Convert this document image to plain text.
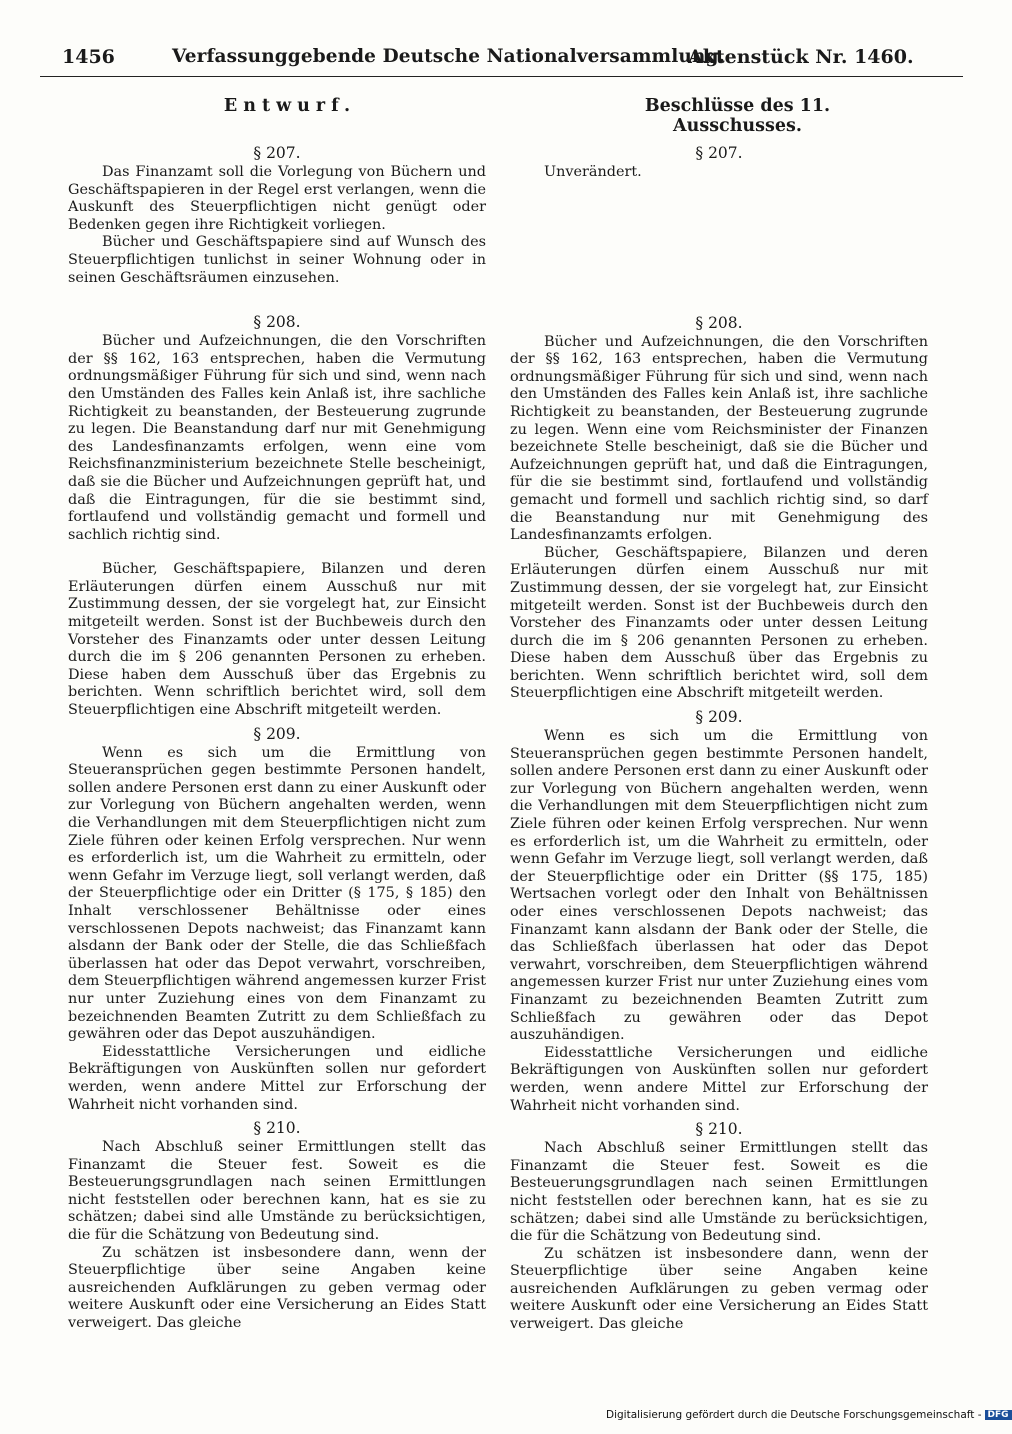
1456	Verfassunggebende Deutsche Nationalversammlung.
Aktenstück Nr. 1460.
Entwurf.	Beschlüsse des 11. Ausschusses.
§ 207.

Das Finanzamt soll die Vorlegung von Büchern und Geschäftspapieren in der Regel erst verlangen, wenn die Auskunft des Steuerpflichtigen nicht genügt oder Bedenken gegen ihre Richtigkeit vorliegen.

Bücher und Geschäftspapiere sind auf Wunsch des Steuerpflichtigen tunlichst in seiner Wohnung oder in seinen Geschäftsräumen einzusehen.

§ 208.

Bücher und Aufzeichnungen, die den Vorschriften der §§ 162, 163 entsprechen, haben die Vermutung ordnungsmäßiger Führung für sich und sind, wenn nach den Umständen des Falles kein Anlaß ist, ihre sachliche Richtigkeit zu beanstanden, der Besteuerung zugrunde zu legen. Die Beanstandung darf nur mit Genehmigung des Landesfinanzamts erfolgen, wenn eine vom Reichsfinanzministerium bezeichnete Stelle bescheinigt, daß sie die Bücher und Aufzeichnungen geprüft hat, und daß die Eintragungen, für die sie bestimmt sind, fortlaufend und vollständig gemacht und formell und sachlich richtig sind.

Bücher, Geschäftspapiere, Bilanzen und deren Erläuterungen dürfen einem Ausschuß nur mit Zustimmung dessen, der sie vorgelegt hat, zur Einsicht mitgeteilt werden. Sonst ist der Buchbeweis durch den Vorsteher des Finanzamts oder unter dessen Leitung durch die im § 206 genannten Personen zu erheben. Diese haben dem Ausschuß über das Ergebnis zu berichten. Wenn schriftlich berichtet wird, soll dem Steuerpflichtigen eine Abschrift mitgeteilt werden.

§ 209.

Wenn es sich um die Ermittlung von Steueransprüchen gegen bestimmte Personen handelt, sollen andere Personen erst dann zu einer Auskunft oder zur Vorlegung von Büchern angehalten werden, wenn die Verhandlungen mit dem Steuerpflichtigen nicht zum Ziele führen oder keinen Erfolg versprechen. Nur wenn es erforderlich ist, um die Wahrheit zu ermitteln, oder wenn Gefahr im Verzuge liegt, soll verlangt werden, daß der Steuerpflichtige oder ein Dritter (§ 175, § 185) den Inhalt verschlossener Behältnisse oder eines verschlossenen Depots nachweist; das Finanzamt kann alsdann der Bank oder der Stelle, die das Schließfach überlassen hat oder das Depot verwahrt, vorschreiben, dem Steuerpflichtigen während angemessen kurzer Frist nur unter Zuziehung eines von dem Finanzamt zu bezeichnenden Beamten Zutritt zu dem Schließfach zu gewähren oder das Depot auszuhändigen.

Eidesstattliche Versicherungen und eidliche Bekräftigungen von Auskünften sollen nur gefordert werden, wenn andere Mittel zur Erforschung der Wahrheit nicht vorhanden sind.

§ 210.

Nach Abschluß seiner Ermittlungen stellt das Finanzamt die Steuer fest. Soweit es die Besteuerungsgrundlagen nach seinen Ermittlungen nicht feststellen oder berechnen kann, hat es sie zu schätzen; dabei sind alle Umstände zu berücksichtigen, die für die Schätzung von Bedeutung sind.

Zu schätzen ist insbesondere dann, wenn der Steuerpflichtige über seine Angaben keine ausreichenden Aufklärungen zu geben vermag oder weitere Auskunft oder eine Versicherung an Eides Statt verweigert. Das gleiche

§ 207.

Unverändert.

§ 208.

Bücher und Aufzeichnungen, die den Vorschriften der §§ 162, 163 entsprechen, haben die Vermutung ordnungsmäßiger Führung für sich und sind, wenn nach den Umständen des Falles kein Anlaß ist, ihre sachliche Richtigkeit zu beanstanden, der Besteuerung zugrunde zu legen. Wenn eine vom Reichsminister der Finanzen bezeichnete Stelle bescheinigt, daß sie die Bücher und Aufzeichnungen geprüft hat, und daß die Eintragungen, für die sie bestimmt sind, fortlaufend und vollständig gemacht und formell und sachlich richtig sind, so darf die Beanstandung nur mit Genehmigung des Landesfinanzamts erfolgen.

Bücher, Geschäftspapiere, Bilanzen und deren Erläuterungen dürfen einem Ausschuß nur mit Zustimmung dessen, der sie vorgelegt hat, zur Einsicht mitgeteilt werden. Sonst ist der Buchbeweis durch den Vorsteher des Finanzamts oder unter dessen Leitung durch die im § 206 genannten Personen zu erheben. Diese haben dem Ausschuß über das Ergebnis zu berichten. Wenn schriftlich berichtet wird, soll dem Steuerpflichtigen eine Abschrift mitgeteilt werden.

§ 209.

Wenn es sich um die Ermittlung von Steueransprüchen gegen bestimmte Personen handelt, sollen andere Personen erst dann zu einer Auskunft oder zur Vorlegung von Büchern angehalten werden, wenn die Verhandlungen mit dem Steuerpflichtigen nicht zum Ziele führen oder keinen Erfolg versprechen. Nur wenn es erforderlich ist, um die Wahrheit zu ermitteln, oder wenn Gefahr im Verzuge liegt, soll verlangt werden, daß der Steuerpflichtige oder ein Dritter (§§ 175, 185) Wertsachen vorlegt oder den Inhalt von Behältnissen oder eines verschlossenen Depots nachweist; das Finanzamt kann alsdann der Bank oder der Stelle, die das Schließfach überlassen hat oder das Depot verwahrt, vorschreiben, dem Steuerpflichtigen während angemessen kurzer Frist nur unter Zuziehung eines vom Finanzamt zu bezeichnenden Beamten Zutritt zum Schließfach zu gewähren oder das Depot auszuhändigen.

Eidesstattliche Versicherungen und eidliche Bekräftigungen von Auskünften sollen nur gefordert werden, wenn andere Mittel zur Erforschung der Wahrheit nicht vorhanden sind.

§ 210.

Nach Abschluß seiner Ermittlungen stellt das Finanzamt die Steuer fest. Soweit es die Besteuerungsgrundlagen nach seinen Ermittlungen nicht feststellen oder berechnen kann, hat es sie zu schätzen; dabei sind alle Umstände zu berücksichtigen, die für die Schätzung von Bedeutung sind.

Zu schätzen ist insbesondere dann, wenn der Steuerpflichtige über seine Angaben keine ausreichenden Aufklärungen zu geben vermag oder weitere Auskunft oder eine Versicherung an Eides Statt verweigert. Das gleiche

Digitalisierung gefördert durch die Deutsche Forschungsgemeinschaft - DFG
